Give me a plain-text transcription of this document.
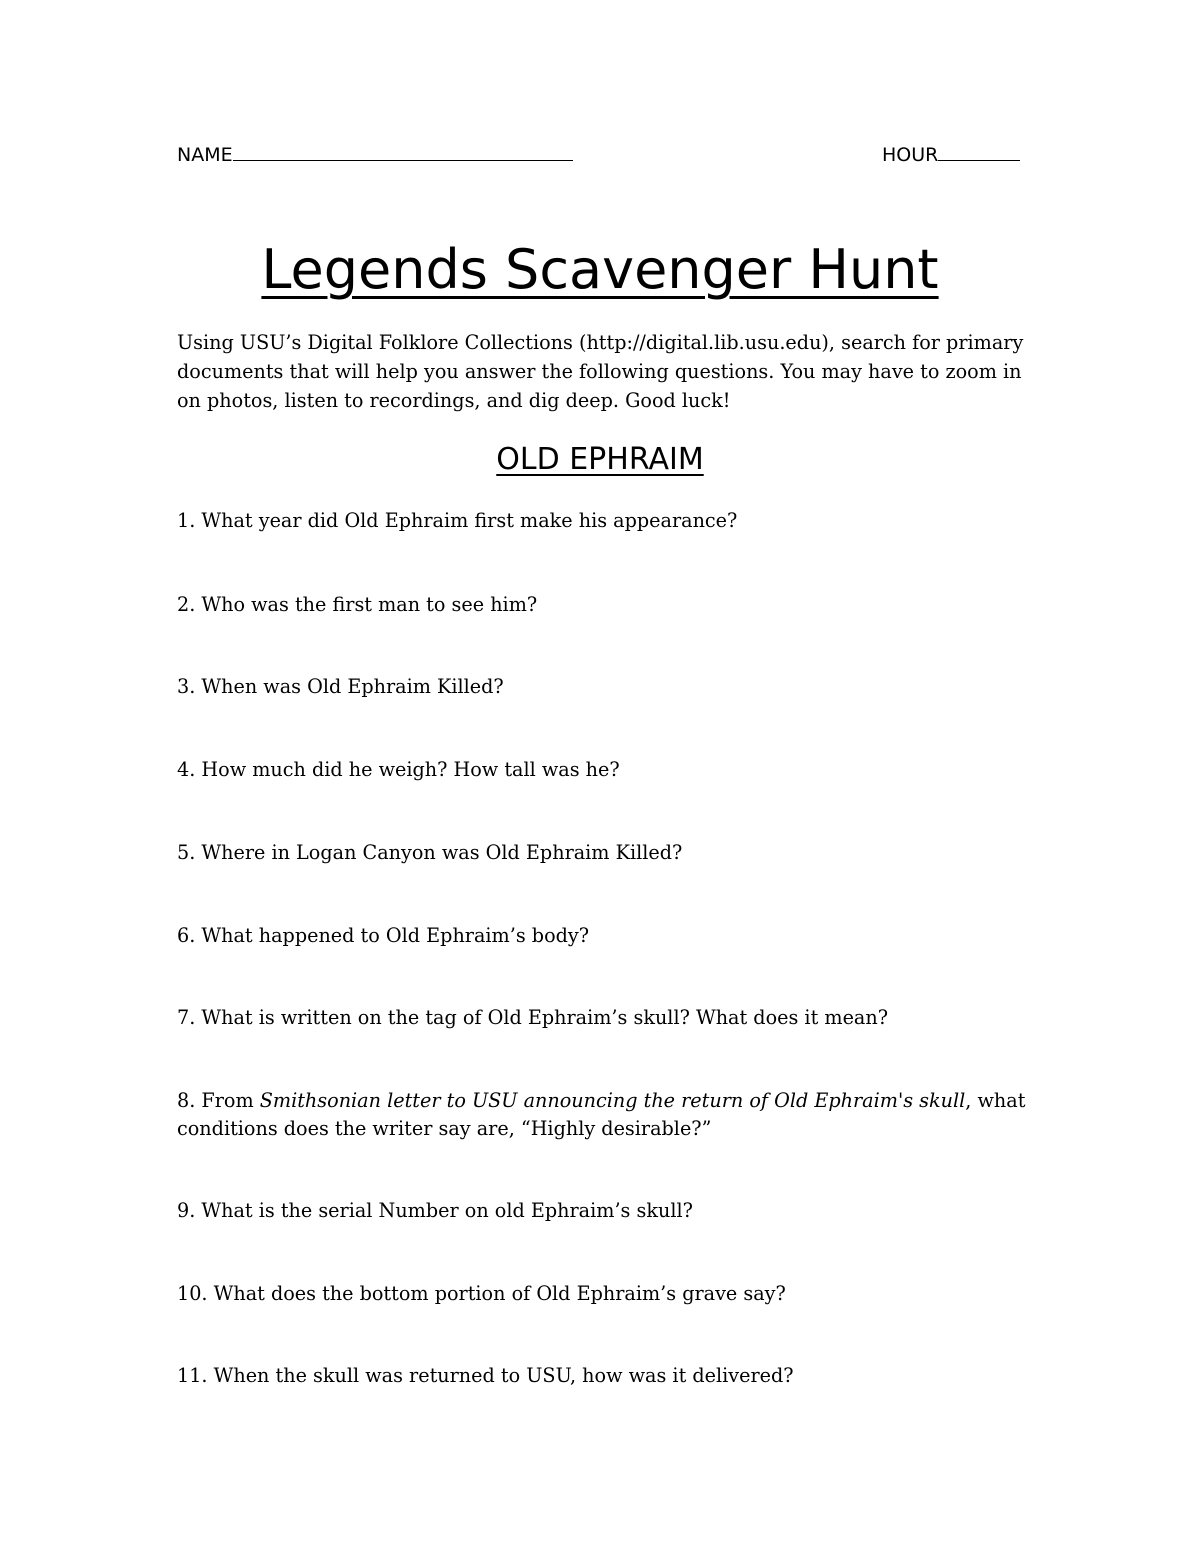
NAME	HOUR
Legends Scavenger Hunt
Using USU’s Digital Folklore Collections (http://digital.lib.usu.edu), search for primary documents that will help you answer the following questions. You may have to zoom in on photos, listen to recordings, and dig deep. Good luck!
OLD EPHRAIM
1. What year did Old Ephraim first make his appearance?
2. Who was the first man to see him?
3. When was Old Ephraim Killed?
4. How much did he weigh? How tall was he?
5. Where in Logan Canyon was Old Ephraim Killed?
6. What happened to Old Ephraim’s body?
7. What is written on the tag of Old Ephraim’s skull? What does it mean?
8. From Smithsonian letter to USU announcing the return of Old Ephraim's skull, what conditions does the writer say are, “Highly desirable?”
9. What is the serial Number on old Ephraim’s skull?
10. What does the bottom portion of Old Ephraim’s grave say?
11. When the skull was returned to USU, how was it delivered?
